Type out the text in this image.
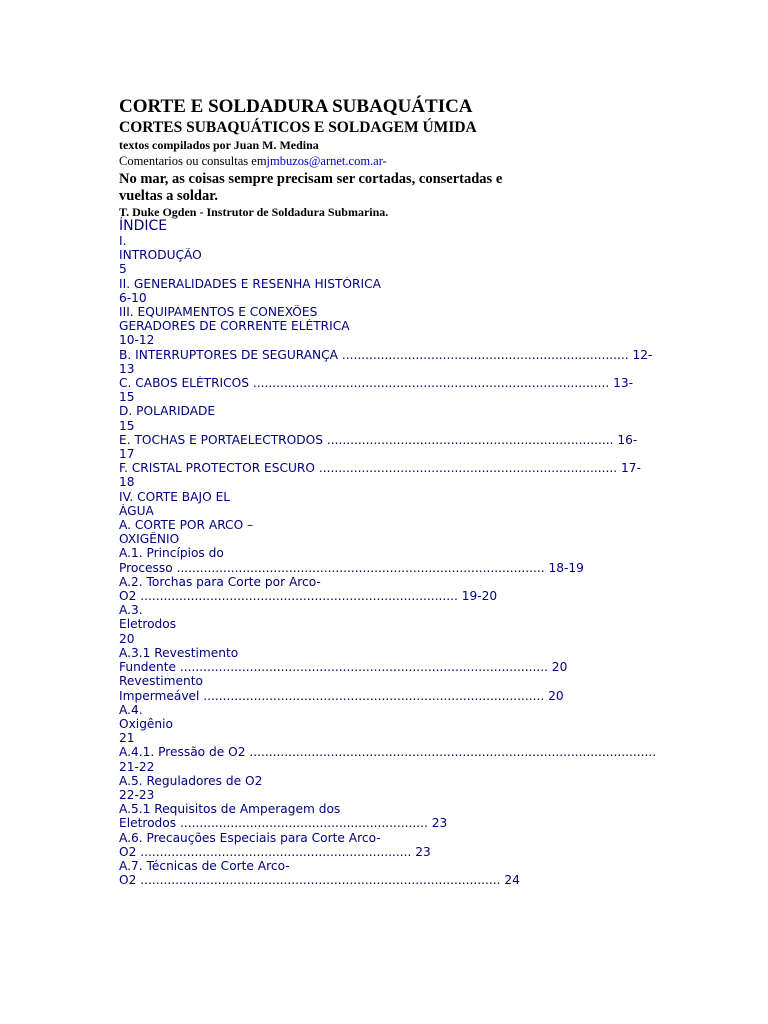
CORTE E SOLDADURA SUBAQUÁTICA
CORTES SUBAQUÁTICOS E SOLDAGEM ÚMIDA
textos compilados por Juan M. Medina
Comentarios ou consultas emjmbuzos@arnet.com.ar-
No mar, as coisas sempre precisam ser cortadas, consertadas e vueltas a soldar.
T. Duke Ogden - Instrutor de Soldadura Submarina.
ÍNDICE
I.
INTRODUÇÃO
5
II. GENERALIDADES E RESENHA HISTÓRICA
6-10
III. EQUIPAMENTOS E CONEXÕES
GERADORES DE CORRENTE ELÉTRICA
10-12
B. INTERRUPTORES DE SEGURANÇA .......................................................................... 12-
13
C. CABOS ELÉTRICOS ............................................................................................ 13-
15
D. POLARIDADE
15
E. TOCHAS E PORTAELECTRODOS .......................................................................... 16-
17
F. CRISTAL PROTECTOR ESCURO ............................................................................. 17-
18
IV. CORTE BAJO EL
ÁGUA
A. CORTE POR ARCO –
OXIGÊNIO
A.1. Princípios do
Processo ............................................................................................... 18-19
A.2. Torchas para Corte por Arco-
O2 .................................................................................. 19-20
A.3.
Eletrodos
20
A.3.1 Revestimento
Fundente ............................................................................................... 20
Revestimento
Impermeável ........................................................................................ 20
A.4.
Oxigênio
21
A.4.1. Pressão de O2 .........................................................................................................
21-22
A.5. Reguladores de O2
22-23
A.5.1 Requisitos de Amperagem dos
Eletrodos ................................................................ 23
A.6. Precauções Especiais para Corte Arco-
O2 ...................................................................... 23
A.7. Técnicas de Corte Arco-
O2 ............................................................................................. 24
